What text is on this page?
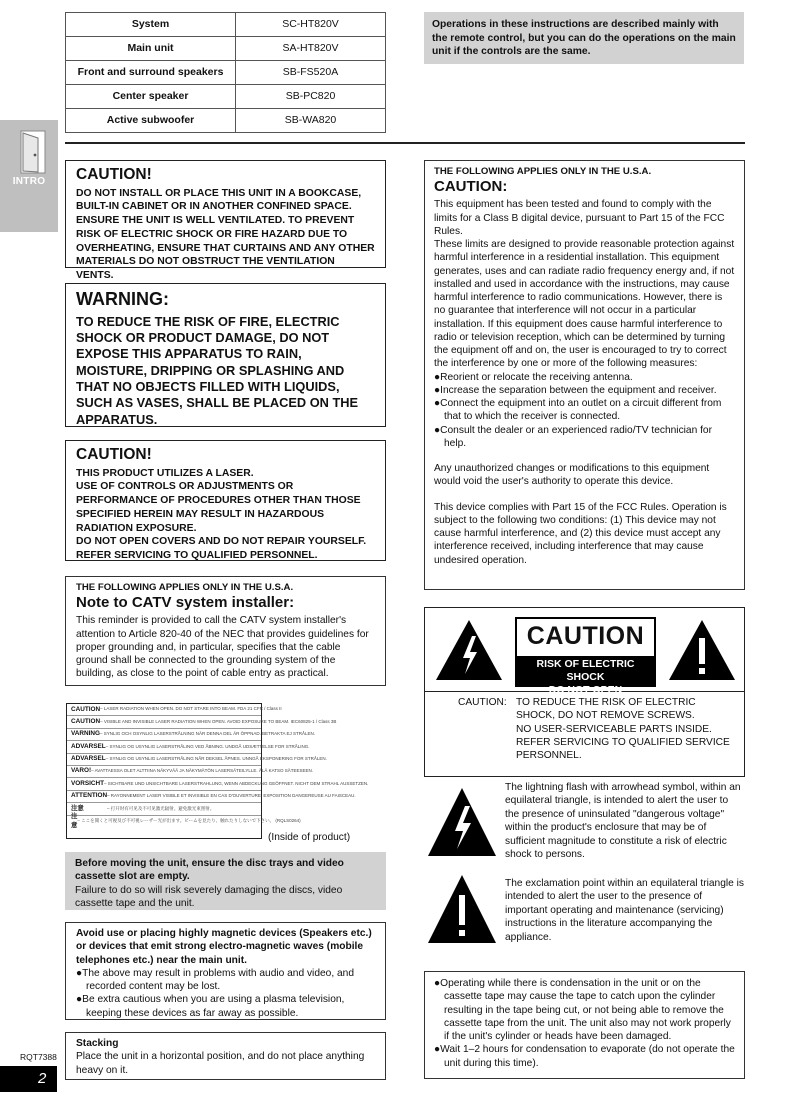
System	SC-HT820V
Main unit	SA-HT820V
Front and surround speakers	SB-FS520A
Center speaker	SB-PC820
Active subwoofer	SB-WA820
Operations in these instructions are described mainly with the remote control, but you can do the operations on the main unit if the controls are the same.
INTRO	CAUTION!
DO NOT INSTALL OR PLACE THIS UNIT IN A BOOKCASE, BUILT-IN CABINET OR IN ANOTHER CONFINED SPACE. ENSURE THE UNIT IS WELL VENTILATED. TO PREVENT RISK OF ELECTRIC SHOCK OR FIRE HAZARD DUE TO OVERHEATING, ENSURE THAT CURTAINS AND ANY OTHER MATERIALS DO NOT OBSTRUCT THE VENTILATION VENTS.
WARNING:
TO REDUCE THE RISK OF FIRE, ELECTRIC SHOCK OR PRODUCT DAMAGE, DO NOT EXPOSE THIS APPARATUS TO RAIN, MOISTURE, DRIPPING OR SPLASHING AND THAT NO OBJECTS FILLED WITH LIQUIDS, SUCH AS VASES, SHALL BE PLACED ON THE APPARATUS.
CAUTION!
THIS PRODUCT UTILIZES A LASER.
USE OF CONTROLS OR ADJUSTMENTS OR PERFORMANCE OF PROCEDURES OTHER THAN THOSE SPECIFIED HEREIN MAY RESULT IN HAZARDOUS RADIATION EXPOSURE.
DO NOT OPEN COVERS AND DO NOT REPAIR YOURSELF. REFER SERVICING TO QUALIFIED PERSONNEL.
THE FOLLOWING APPLIES ONLY IN THE U.S.A.
Note to CATV system installer:
This reminder is provided to call the CATV system installer's attention to Article 820-40 of the NEC that provides guidelines for proper grounding and, in particular, specifies that the cable ground shall be connected to the grounding system of the building, as close to the point of cable entry as practical.
CAUTION – LASER RADIATION WHEN OPEN. DO NOT STARE INTO BEAM. FDA 21 CFR / Class II
CAUTION – VISIBLE AND INVISIBLE LASER RADIATION WHEN OPEN. AVOID EXPOSURE TO BEAM. IEC60825-1 / Class 3B
VARNING – SYNLIG OCH OSYNLIG LASERSTRÅLNING NÄR DENNA DEL ÄR ÖPPNAD. BETRAKTA EJ STRÅLEN.
ADVARSEL – SYNLIG OG USYNLIG LASERSTRÅLING VED ÅBNING. UNDGÅ UDSÆTTELSE FOR STRÅLING.
ADVARSEL – SYNLIG OG USYNLIG LASERSTRÅLING NÅR DEKSEL ÅPNES. UNNGÅ EKSPONERING FOR STRÅLEN.
VARO! – AVATTAESSA OLET ALTTIINA NÄKYVÄÄ JA NÄKYMÄTÖN LASERSÄTEILYLLE. ÄLÄ KATSO SÄTEESEEN.
VORSICHT – SICHTBARE UND UNSICHTBARE LASERSTRAHLUNG, WENN ABDECKUNG GEÖFFNET. NICHT DEM STRAHL AUSSETZEN.
ATTENTION – RAYONNEMENT LASER VISIBLE ET INVISIBLE EN CAS D'OUVERTURE. EXPOSITION DANGEREUSE AU FAISCEAU.
注意	– 打开时有可见及不可见激光辐射。避免激光束照射。
注意
– ここを開くと可視及び不可視レーザー光が出ます。ビームを見たり、触れたりしないで下さい。 (RQLS0264)
(Inside of product)
Before moving the unit, ensure the disc trays and video cassette slot are empty.
Failure to do so will risk severely damaging the discs, video cassette tape and the unit.
Avoid use or placing highly magnetic devices (Speakers etc.) or devices that emit strong electro-magnetic waves (mobile telephones etc.) near the main unit.
●The above may result in problems with audio and video, and recorded content may be lost.
●Be extra cautious when you are using a plasma television, keeping these devices as far away as possible.
Stacking
Place the unit in a horizontal position, and do not place anything heavy on it.
THE FOLLOWING APPLIES ONLY IN THE U.S.A.
CAUTION:

This equipment has been tested and found to comply with the limits for a Class B digital device, pursuant to Part 15 of the FCC Rules.

These limits are designed to provide reasonable protection against harmful interference in a residential installation. This equipment generates, uses and can radiate radio frequency energy and, if not installed and used in accordance with the instructions, may cause harmful interference to radio communications. However, there is no guarantee that interference will not occur in a particular installation. If this equipment does cause harmful interference to radio or television reception, which can be determined by turning the equipment off and on, the user is encouraged to try to correct the interference by one or more of the following measures:

●Reorient or relocate the receiving antenna.
●Increase the separation between the equipment and receiver.
●Connect the equipment into an outlet on a circuit different from that to which the receiver is connected.
●Consult the dealer or an experienced radio/TV technician for help.

Any unauthorized changes or modifications to this equipment would void the user's authority to operate this device.

This device complies with Part 15 of the FCC Rules. Operation is subject to the following two conditions: (1) This device may not cause harmful interference, and (2) this device must accept any interference received, including interference that may cause undesired operation.

CAUTION
RISK OF ELECTRIC SHOCK
DO NOT OPEN
CAUTION: TO REDUCE THE RISK OF ELECTRIC SHOCK, DO NOT REMOVE SCREWS.
NO USER-SERVICEABLE PARTS INSIDE.
REFER SERVICING TO QUALIFIED SERVICE PERSONNEL.
The lightning flash with arrowhead symbol, within an equilateral triangle, is intended to alert the user to the presence of uninsulated "dangerous voltage" within the product's enclosure that may be of sufficient magnitude to constitute a risk of electric shock to persons.
The exclamation point within an equilateral triangle is intended to alert the user to the presence of important operating and maintenance (servicing) instructions in the literature accompanying the appliance.
●Operating while there is condensation in the unit or on the cassette tape may cause the tape to catch upon the cylinder resulting in the tape being cut, or not being able to remove the cassette tape from the unit. The unit also may not work properly if the unit's cylinder or heads have been damaged.
●Wait 1–2 hours for condensation to evaporate (do not operate the unit during this time).
RQT7388
2
